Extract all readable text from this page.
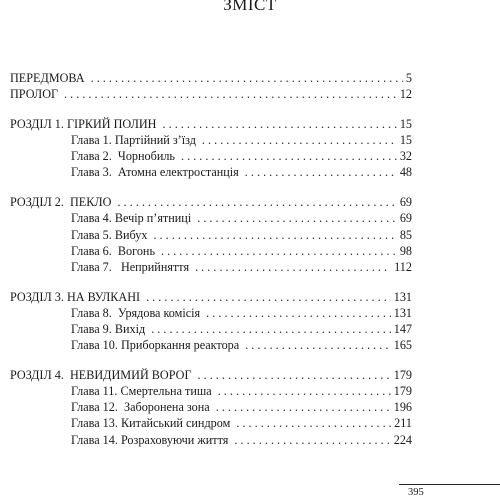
ЗМІСТ
ПЕРЕДМОВА . . .	5
ПРОЛОГ . . .	12
РОЗДІЛ 1. ГІРКИЙ ПОЛИН . . .	15
Глава 1. Партійний з’їзд . . .	15
Глава 2.  Чорнобиль . . .	32
Глава 3.  Атомна електростанція . . .	48
РОЗДІЛ 2.  ПЕКЛО . . .	69
Глава 4. Вечір п’ятниці . . .	69
Глава 5. Вибух . . .	85
Глава 6.  Вогонь . . .	98
Глава 7.   Неприйняття . . .	112
РОЗДІЛ 3. НА ВУЛКАНІ . . .	131
Глава 8.  Урядова комісія . . .	131
Глава 9. Вихід . . .	147
Глава 10. Приборкання реактора . . .	165
РОЗДІЛ 4.  НЕВИДИМИЙ ВОРОГ . . .	179
Глава 11. Смертельна тиша . . .	179
Глава 12.  Заборонена зона . . .	196
Глава 13. Китайський синдром . . .	211
Глава 14. Розраховуючи життя . . .	224
395
